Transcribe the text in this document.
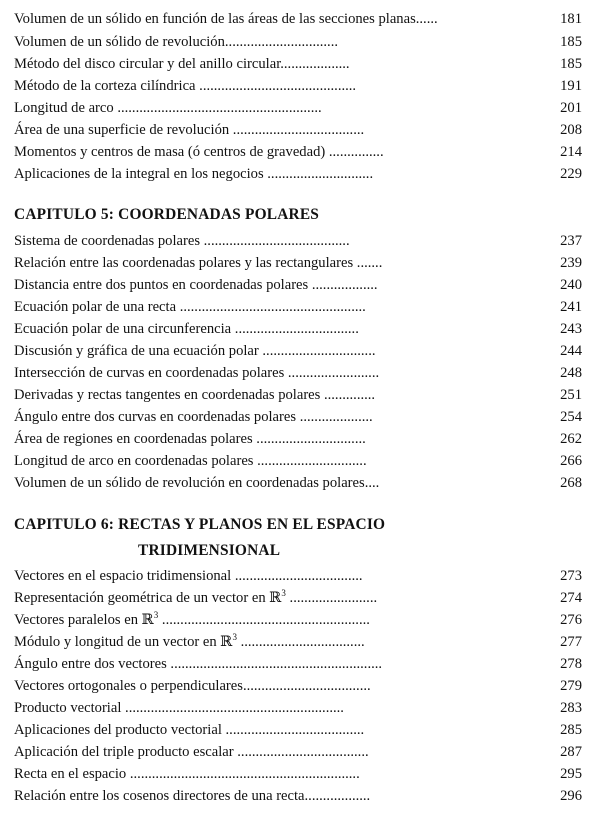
Volumen de un sólido en función de las áreas de las secciones planas......	181
Volumen de un sólido de revolución...............................	185
Método del disco circular y del anillo circular...................	185
Método de la corteza cilíndrica ...........................................	191
Longitud de arco ........................................................	201
Área de una superficie de revolución ....................................	208
Momentos y centros de masa (ó centros de gravedad) ...............	214
Aplicaciones de la integral en los negocios .............................	229
CAPITULO 5: COORDENADAS POLARES
Sistema de coordenadas polares ........................................	237
Relación entre las coordenadas polares y las rectangulares .......	239
Distancia entre dos puntos en coordenadas polares ..................	240
Ecuación polar de una recta ...................................................	241
Ecuación polar de una circunferencia ..................................	243
Discusión y gráfica de una ecuación polar ...............................	244
Intersección de curvas en coordenadas polares .........................	248
Derivadas y rectas tangentes en coordenadas polares ..............	251
Ángulo entre dos curvas en coordenadas polares ....................	254
Área de regiones en coordenadas polares ..............................	262
Longitud de arco en coordenadas polares ..............................	266
Volumen de un sólido de revolución en coordenadas polares....	268
CAPITULO 6: RECTAS Y PLANOS EN EL ESPACIO
TRIDIMENSIONAL
Vectores en el espacio tridimensional ...................................	273
Representación geométrica de un vector en ℝ$^3$ ........................	274
Vectores paralelos en ℝ$^3$ .........................................................	276
Módulo y longitud de un vector en ℝ$^3$ ..................................	277
Ángulo entre dos vectores ..........................................................	278
Vectores ortogonales o perpendiculares...................................	279
Producto vectorial ............................................................	283
Aplicaciones del producto vectorial ......................................	285
Aplicación del triple producto escalar ....................................	287
Recta en el espacio ...............................................................	295
Relación entre los cosenos directores de una recta..................	296
